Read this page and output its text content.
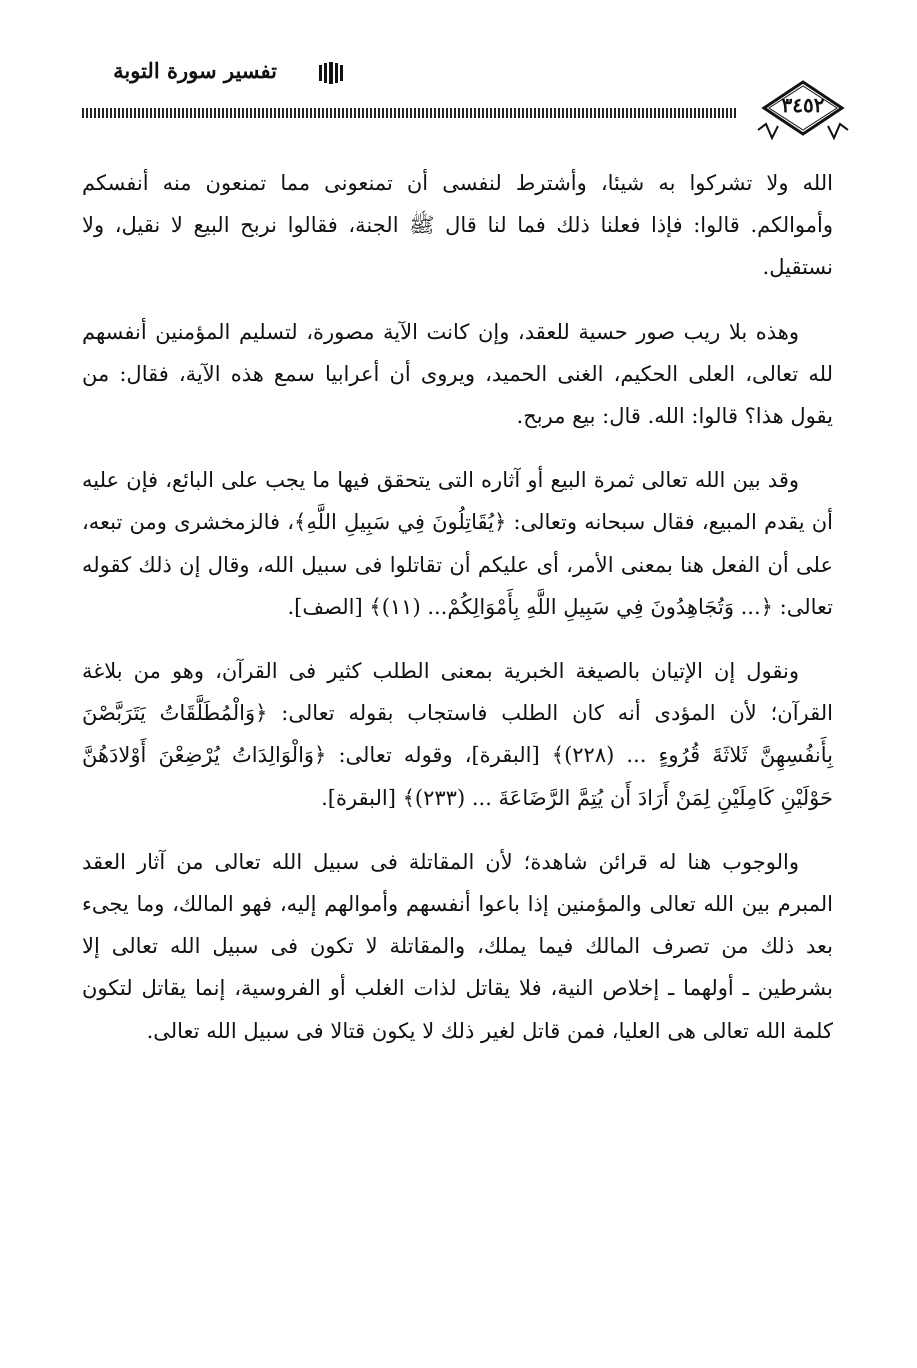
تفسير سورة التوبة
٣٤٥٢

الله ولا تشركوا به شيئا، وأشترط لنفسى أن تمنعونى مما تمنعون منه أنفسكم وأموالكم. قالوا: فإذا فعلنا ذلك فما لنا قال ﷺ الجنة، فقالوا نربح البيع لا نقيل، ولا نستقيل.

وهذه بلا ريب صور حسية للعقد، وإن كانت الآية مصورة، لتسليم المؤمنين أنفسهم لله تعالى، العلى الحكيم، الغنى الحميد، ويروى أن أعرابيا سمع هذه الآية، فقال: من يقول هذا؟ قالوا: الله. قال: بيع مربح.

وقد بين الله تعالى ثمرة البيع أو آثاره التى يتحقق فيها ما يجب على البائع، فإن عليه أن يقدم المبيع، فقال سبحانه وتعالى: ﴿يُقَاتِلُونَ فِي سَبِيلِ اللَّهِ﴾، فالزمخشرى ومن تبعه، على أن الفعل هنا بمعنى الأمر، أى عليكم أن تقاتلوا فى سبيل الله، وقال إن ذلك كقوله تعالى: ﴿... وَتُجَاهِدُونَ فِي سَبِيلِ اللَّهِ بِأَمْوَالِكُمْ... (١١)﴾ [الصف].

ونقول إن الإتيان بالصيغة الخبرية بمعنى الطلب كثير فى القرآن، وهو من بلاغة القرآن؛ لأن المؤدى أنه كان الطلب فاستجاب بقوله تعالى: ﴿وَالْمُطَلَّقَاتُ يَتَرَبَّصْنَ بِأَنفُسِهِنَّ ثَلاثَةَ قُرُوءٍ ... (٢٢٨)﴾ [البقرة]، وقوله تعالى: ﴿وَالْوَالِدَاتُ يُرْضِعْنَ أَوْلادَهُنَّ حَوْلَيْنِ كَامِلَيْنِ لِمَنْ أَرَادَ أَن يُتِمَّ الرَّضَاعَةَ ... (٢٣٣)﴾ [البقرة].

والوجوب هنا له قرائن شاهدة؛ لأن المقاتلة فى سبيل الله تعالى من آثار العقد المبرم بين الله تعالى والمؤمنين إذا باعوا أنفسهم وأموالهم إليه، فهو المالك، وما يجىء بعد ذلك من تصرف المالك فيما يملك، والمقاتلة لا تكون فى سبيل الله تعالى إلا بشرطين ـ أولهما ـ إخلاص النية، فلا يقاتل لذات الغلب أو الفروسية، إنما يقاتل لتكون كلمة الله تعالى هى العليا، فمن قاتل لغير ذلك لا يكون قتالا فى سبيل الله تعالى.
